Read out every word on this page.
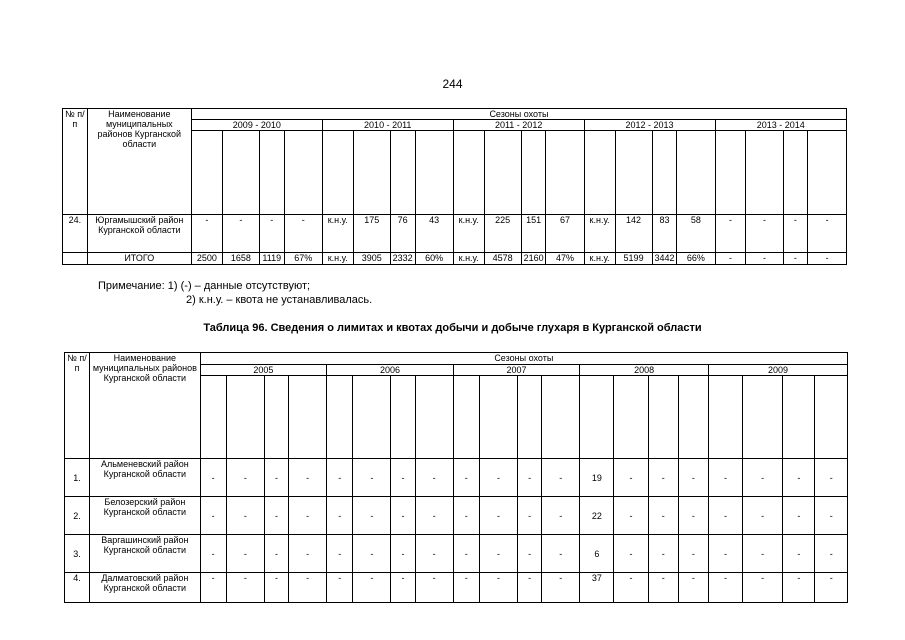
244
№ п/п	Наименование муниципальных районов Курганской области	Сезоны охоты																			
		2009 - 2010				2010 - 2011				2011 - 2012				2012 - 2013				2013 - 2014			

24.	Юргамышский район Курганской области	-	-	-	-	к.н.у.	175	76	43	к.н.у.	225	151	67	к.н.у.	142	83	58	-	-	-	-
	ИТОГО	2500	1658	1119	67%	к.н.у.	3905	2332	60%	к.н.у.	4578	2160	47%	к.н.у.	5199	3442	66%	-	-	-	-
Примечание: 1) (-) – данные отсутствуют;
2) к.н.у. – квота не устанавливалась.
Таблица 96. Сведения о лимитах и квотах добычи и добыче глухаря в Курганской области
№ п/п	Наименование муниципальных районов Курганской области	Сезоны охоты																			
		2005				2006				2007				2008				2009			

1.	Альменевский район Курганской области	-	-	-	-	-	-	-	-	-	-	-	-	19	-	-	-	-	-	-	-
2.	Белозерский район Курганской области	-	-	-	-	-	-	-	-	-	-	-	-	22	-	-	-	-	-	-	-
3.	Варгашинский район Курганской области	-	-	-	-	-	-	-	-	-	-	-	-	6	-	-	-	-	-	-	-
4.	Далматовский район Курганской области	-	-	-	-	-	-	-	-	-	-	-	-	37	-	-	-	-	-	-	-
